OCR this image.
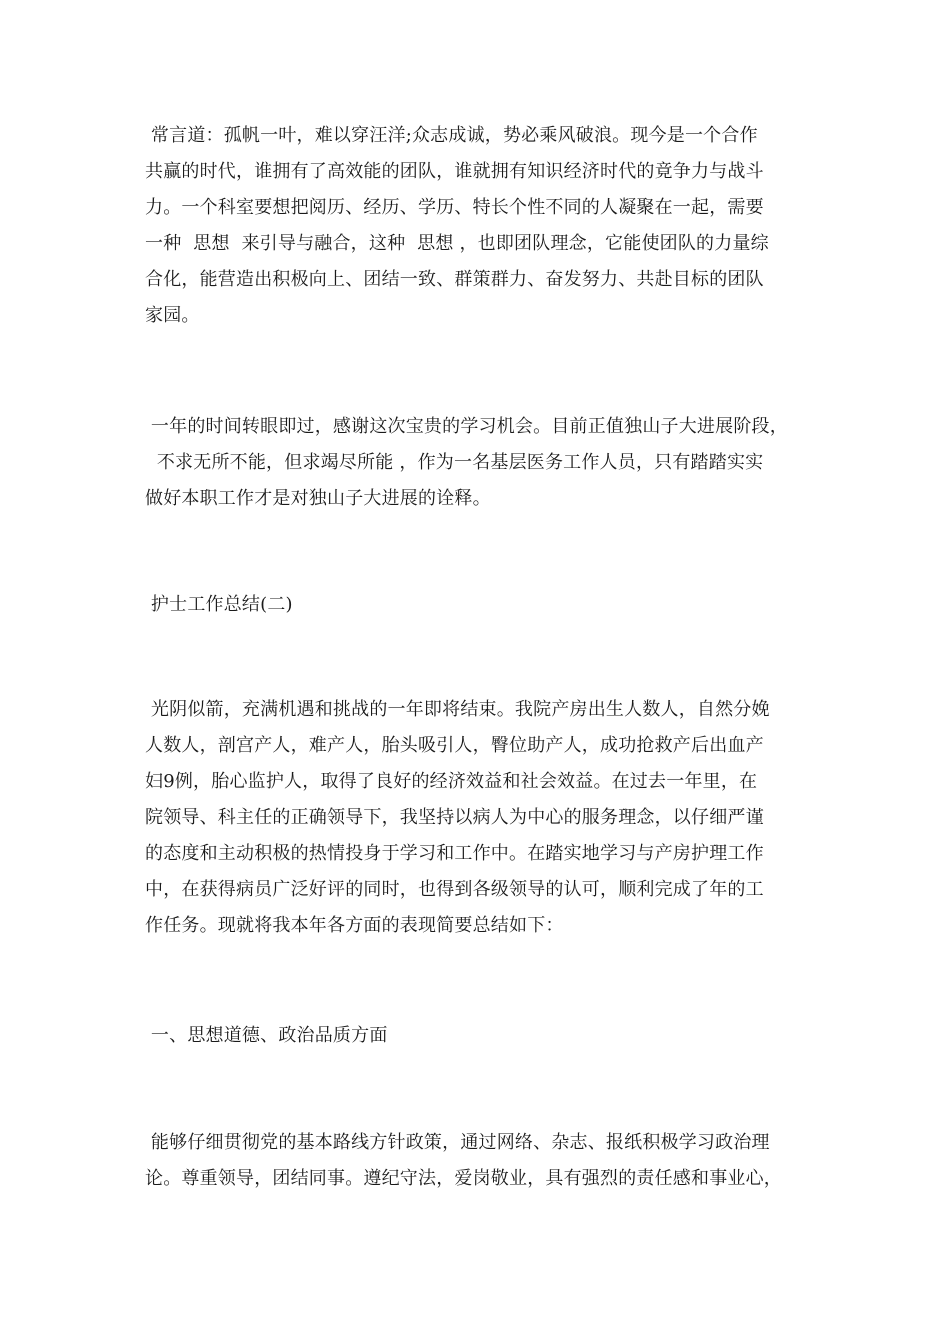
常言道：孤帆一叶，难以穿汪洋;众志成诚，势必乘风破浪。现今是一个合作
共赢的时代，谁拥有了高效能的团队，谁就拥有知识经济时代的竟争力与战斗
力。一个科室要想把阅历、经历、学历、特长个性不同的人凝聚在一起，需要
一种  思想  来引导与融合，这种  思想 ，也即团队理念，它能使团队的力量综
合化，能营造出积极向上、团结一致、群策群力、奋发努力、共赴目标的团队
家园。
一年的时间转眼即过，感谢这次宝贵的学习机会。目前正值独山子大进展阶段，
不求无所不能，但求竭尽所能 ，作为一名基层医务工作人员，只有踏踏实实
做好本职工作才是对独山子大进展的诠释。
护士工作总结(二)
光阴似箭，充满机遇和挑战的一年即将结束。我院产房出生人数人，自然分娩
人数人，剖宫产人，难产人，胎头吸引人，臀位助产人，成功抢救产后出血产
妇9例，胎心监护人，取得了良好的经济效益和社会效益。在过去一年里，在
院领导、科主任的正确领导下，我坚持以病人为中心的服务理念，以仔细严谨
的态度和主动积极的热情投身于学习和工作中。在踏实地学习与产房护理工作
中，在获得病员广泛好评的同时，也得到各级领导的认可，顺利完成了年的工
作任务。现就将我本年各方面的表现简要总结如下：
一、思想道德、政治品质方面
能够仔细贯彻党的基本路线方针政策，通过网络、杂志、报纸积极学习政治理
论。尊重领导，团结同事。遵纪守法，爱岗敬业，具有强烈的责任感和事业心，
